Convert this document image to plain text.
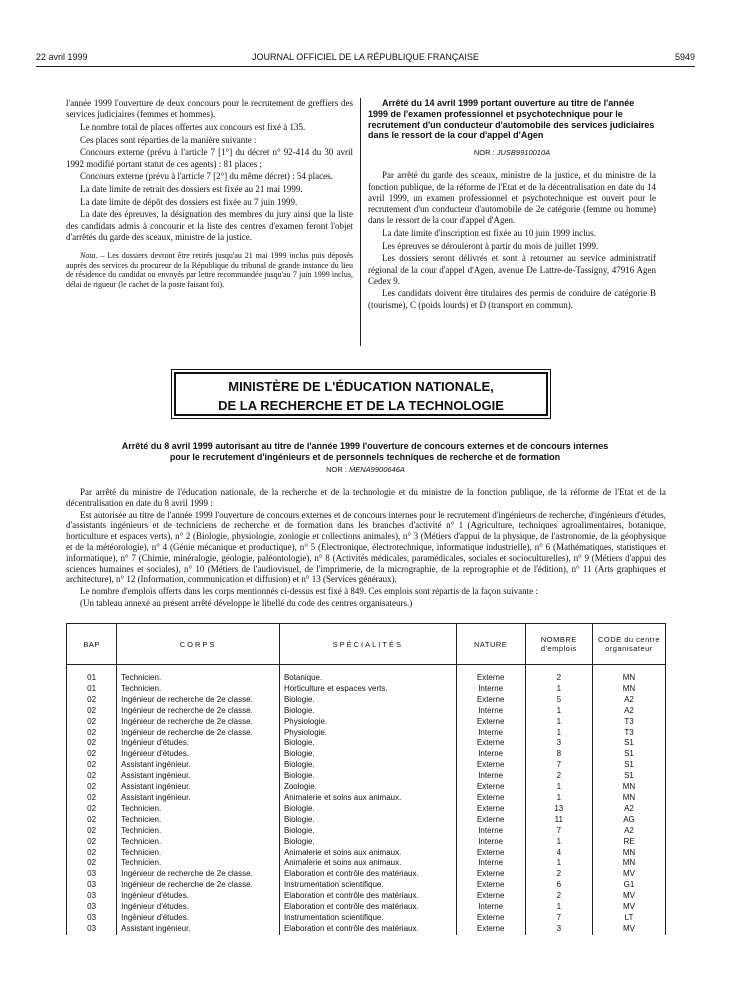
22 avril 1999	JOURNAL OFFICIEL DE LA RÉPUBLIQUE FRANÇAISE	5949

l'année 1999 l'ouverture de deux concours pour le recrutement de greffiers des services judiciaires (femmes et hommes).

Le nombre total de places offertes aux concours est fixé à 135.

Ces places sont réparties de la manière suivante :

Concours externe (prévu à l'article 7 [1°] du décret n° 92-414 du 30 avril 1992 modifié portant statut de ces agents) : 81 places ;

Concours externe (prévu à l'article 7 [2°] du même décret) : 54 places.

La date limite de retrait des dossiers est fixée au 21 mai 1999.

La date limite de dépôt des dossiers est fixée au 7 juin 1999.

La date des épreuves, la désignation des membres du jury ainsi que la liste des candidats admis à concourir et la liste des centres d'examen feront l'objet d'arrêtés du garde des sceaux, ministre de la justice.

Nota. – Les dossiers devront être retirés jusqu'au 21 mai 1999 inclus puis déposés auprès des services du procureur de la République du tribunal de grande instance du lieu de résidence du candidat ou envoyés par lettre recommandée jusqu'au 7 juin 1999 inclus, délai de rigueur (le cachet de la poste faisant foi).

Arrêté du 14 avril 1999 portant ouverture au titre de l'année 1999 de l'examen professionnel et psychotechnique pour le recrutement d'un conducteur d'automobile des services judiciaires dans le ressort de la cour d'appel d'Agen

NOR : JUSB9910010A

Par arrêté du garde des sceaux, ministre de la justice, et du ministre de la fonction publique, de la réforme de l'Etat et de la décentralisation en date du 14 avril 1999, un examen professionnel et psychotechnique est ouvert pour le recrutement d'un conducteur d'automobile de 2e catégorie (femme ou homme) dans le ressort de la cour d'appel d'Agen.

La date limite d'inscription est fixée au 10 juin 1999 inclus.

Les épreuves se dérouleront à partir du mois de juillet 1999.

Les dossiers seront délivrés et sont à retourner au service administratif régional de la cour d'appel d'Agen, avenue De Lattre-de-Tassigny, 47916 Agen Cedex 9.

Les candidats doivent être titulaires des permis de conduire de catégorie B (tourisme), C (poids lourds) et D (transport en commun).

MINISTÈRE DE L'ÉDUCATION NATIONALE,
DE LA RECHERCHE ET DE LA TECHNOLOGIE
Arrêté du 8 avril 1999 autorisant au titre de l'année 1999 l'ouverture de concours externes et de concours internes
pour le recrutement d'ingénieurs et de personnels techniques de recherche et de formation
NOR : MENA9900646A

Par arrêté du ministre de l'éducation nationale, de la recherche et de la technologie et du ministre de la fonction publique, de la réforme de l'Etat et de la décentralisation en date du 8 avril 1999 :

Est autorisée au titre de l'année 1999 l'ouverture de concours externes et de concours internes pour le recrutement d'ingénieurs de recherche, d'ingénieurs d'études, d'assistants ingénieurs et de techniciens de recherche et de formation dans les branches d'activité n° 1 (Agriculture, techniques agroalimentaires, botanique, horticulture et espaces verts), n° 2 (Biologie, physiologie, zoologie et collections animales), n° 3 (Métiers d'appui de la physique, de l'astronomie, de la géophysique et de la météorologie), n° 4 (Génie mécanique et productique), n° 5 (Electronique, électrotechnique, informatique industrielle), n° 6 (Mathématiques, statistiques et informatique), n° 7 (Chimie, minéralogie, géologie, paléontologie), n° 8 (Activités médicales, paramédicales, sociales et socioculturelles), n° 9 (Métiers d'appui des sciences humaines et sociales), n° 10 (Métiers de l'audiovisuel, de l'imprimerie, de la micrographie, de la reprographie et de l'édition), n° 11 (Arts graphiques et architecture), n° 12 (Information, communication et diffusion) et n° 13 (Services généraux).

Le nombre d'emplois offerts dans les corps mentionnés ci-dessus est fixé à 849. Ces emplois sont répartis de la façon suivante :

(Un tableau annexé au présent arrêté développe le libellé du code des centres organisateurs.)

BAP	CORPS	SPÉCIALITÉS	NATURE	NOMBRE d'emplois	CODE du centre organisateur

01	Technicien.	Botanique.	Externe	2	MN
01	Technicien.	Horticulture et espaces verts.	Interne	1	MN
02	Ingénieur de recherche de 2e classe.	Biologie.	Externe	5	A2
02	Ingénieur de recherche de 2e classe.	Biologie.	Interne	1	A2
02	Ingénieur de recherche de 2e classe.	Physiologie.	Externe	1	T3
02	Ingénieur de recherche de 2e classe.	Physiologie.	Interne	1	T3
02	Ingénieur d'études.	Biologie.	Externe	3	S1
02	Ingénieur d'études.	Biologie.	Interne	8	S1
02	Assistant ingénieur.	Biologie.	Externe	7	S1
02	Assistant ingénieur.	Biologie.	Interne	2	S1
02	Assistant ingénieur.	Zoologie.	Externe	1	MN
02	Assistant ingénieur.	Animalerie et soins aux animaux.	Externe	1	MN
02	Technicien.	Biologie.	Externe	13	A2
02	Technicien.	Biologie.	Externe	11	AG
02	Technicien.	Biologie.	Interne	7	A2
02	Technicien.	Biologie.	Interne	1	RE
02	Technicien.	Animalerie et soins aux animaux.	Externe	4	MN
02	Technicien.	Animalerie et soins aux animaux.	Interne	1	MN
03	Ingénieur de recherche de 2e classe.	Elaboration et contrôle des matériaux.	Externe	2	MV
03	Ingénieur de recherche de 2e classe.	Instrumentation scientifique.	Externe	6	G1
03	Ingénieur d'études.	Elaboration et contrôle des matériaux.	Externe	2	MV
03	Ingénieur d'études.	Elaboration et contrôle des matériaux.	Interne	1	MV
03	Ingénieur d'études.	Instrumentation scientifique.	Externe	7	LT
03	Assistant ingénieur.	Elaboration et contrôle des matériaux.	Externe	3	MV
